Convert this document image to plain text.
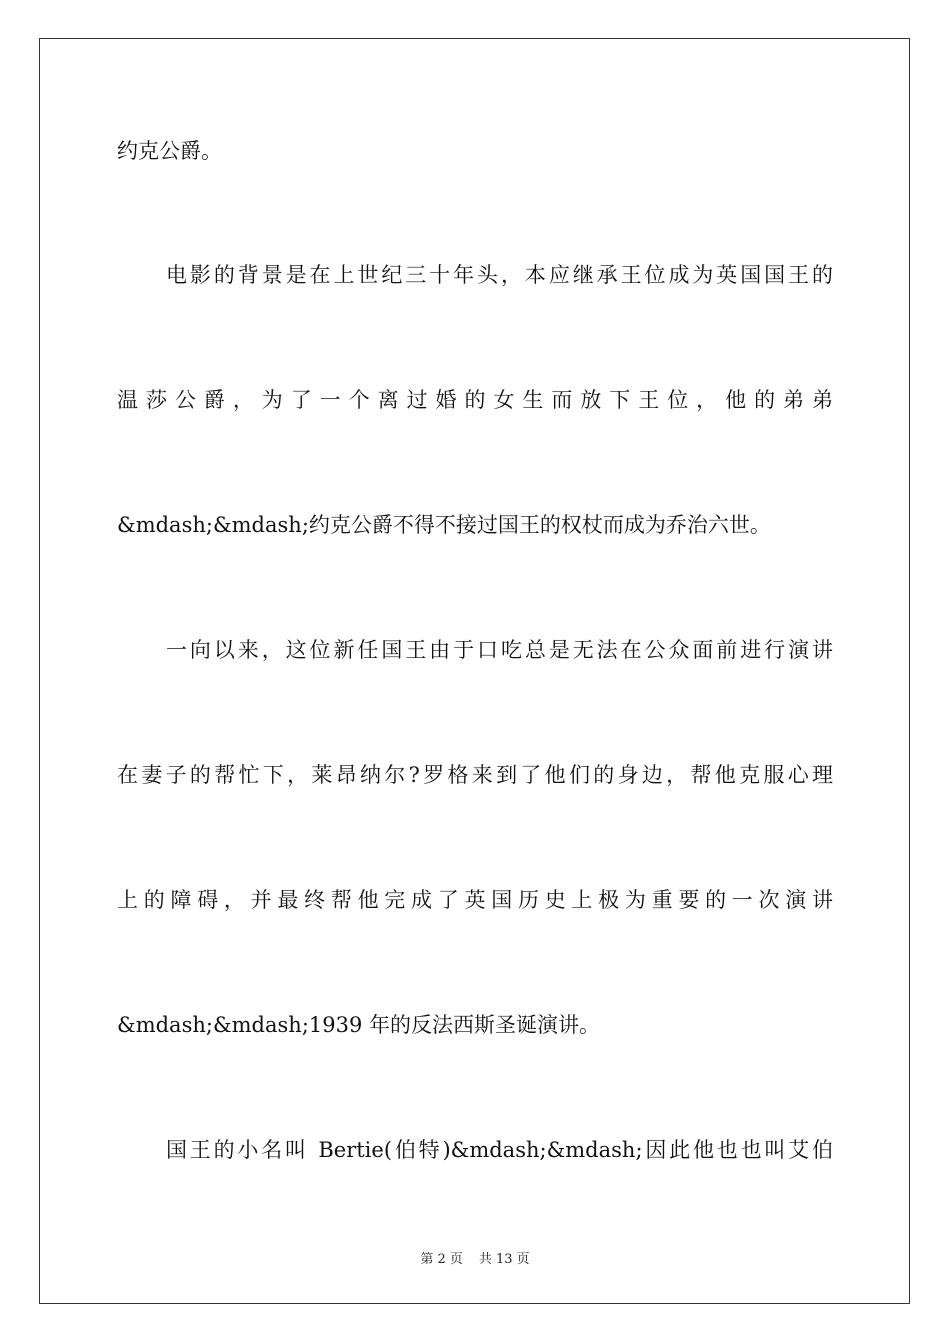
约克公爵。
电影的背景是在上世纪三十年头，本应继承王位成为英国国王的
温莎公爵，为了一个离过婚的女生而放下王位，他的弟弟
&mdash;&mdash;约克公爵不得不接过国王的权杖而成为乔治六世。
一向以来，这位新任国王由于口吃总是无法在公众面前进行演讲
在妻子的帮忙下，莱昂纳尔?罗格来到了他们的身边，帮他克服心理
上的障碍，并最终帮他完成了英国历史上极为重要的一次演讲
&mdash;&mdash;1939 年的反法西斯圣诞演讲。
国王的小名叫 Bertie(伯特)&mdash;&mdash;因此他也也叫艾伯
第 2 页 共 13 页
